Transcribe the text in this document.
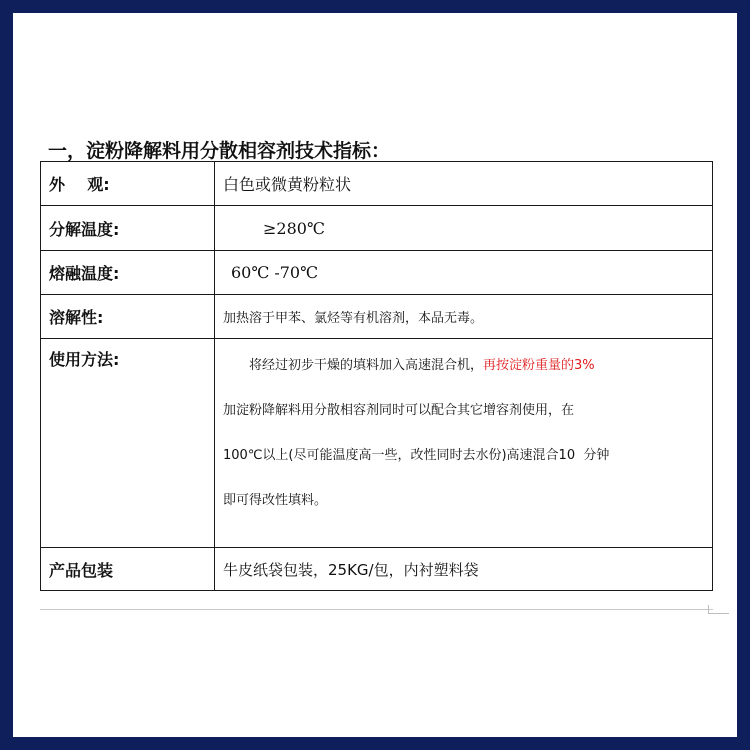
一，淀粉降解料用分散相容剂技术指标：
外    观:	白色或微黄粉粒状
分解温度:	≥280℃
熔融温度:	60℃ -70℃
溶解性:	加热溶于甲苯、氯烃等有机溶剂，本品无毒。
使用方法:	将经过初步干燥的填料加入高速混合机，再按淀粉重量的3%
加淀粉降解料用分散相容剂同时可以配合其它增容剂使用，在
100℃以上(尽可能温度高一些，改性同时去水份)高速混合10  分钟
即可得改性填料。

产品包装	牛皮纸袋包装，25KG/包，内衬塑料袋
